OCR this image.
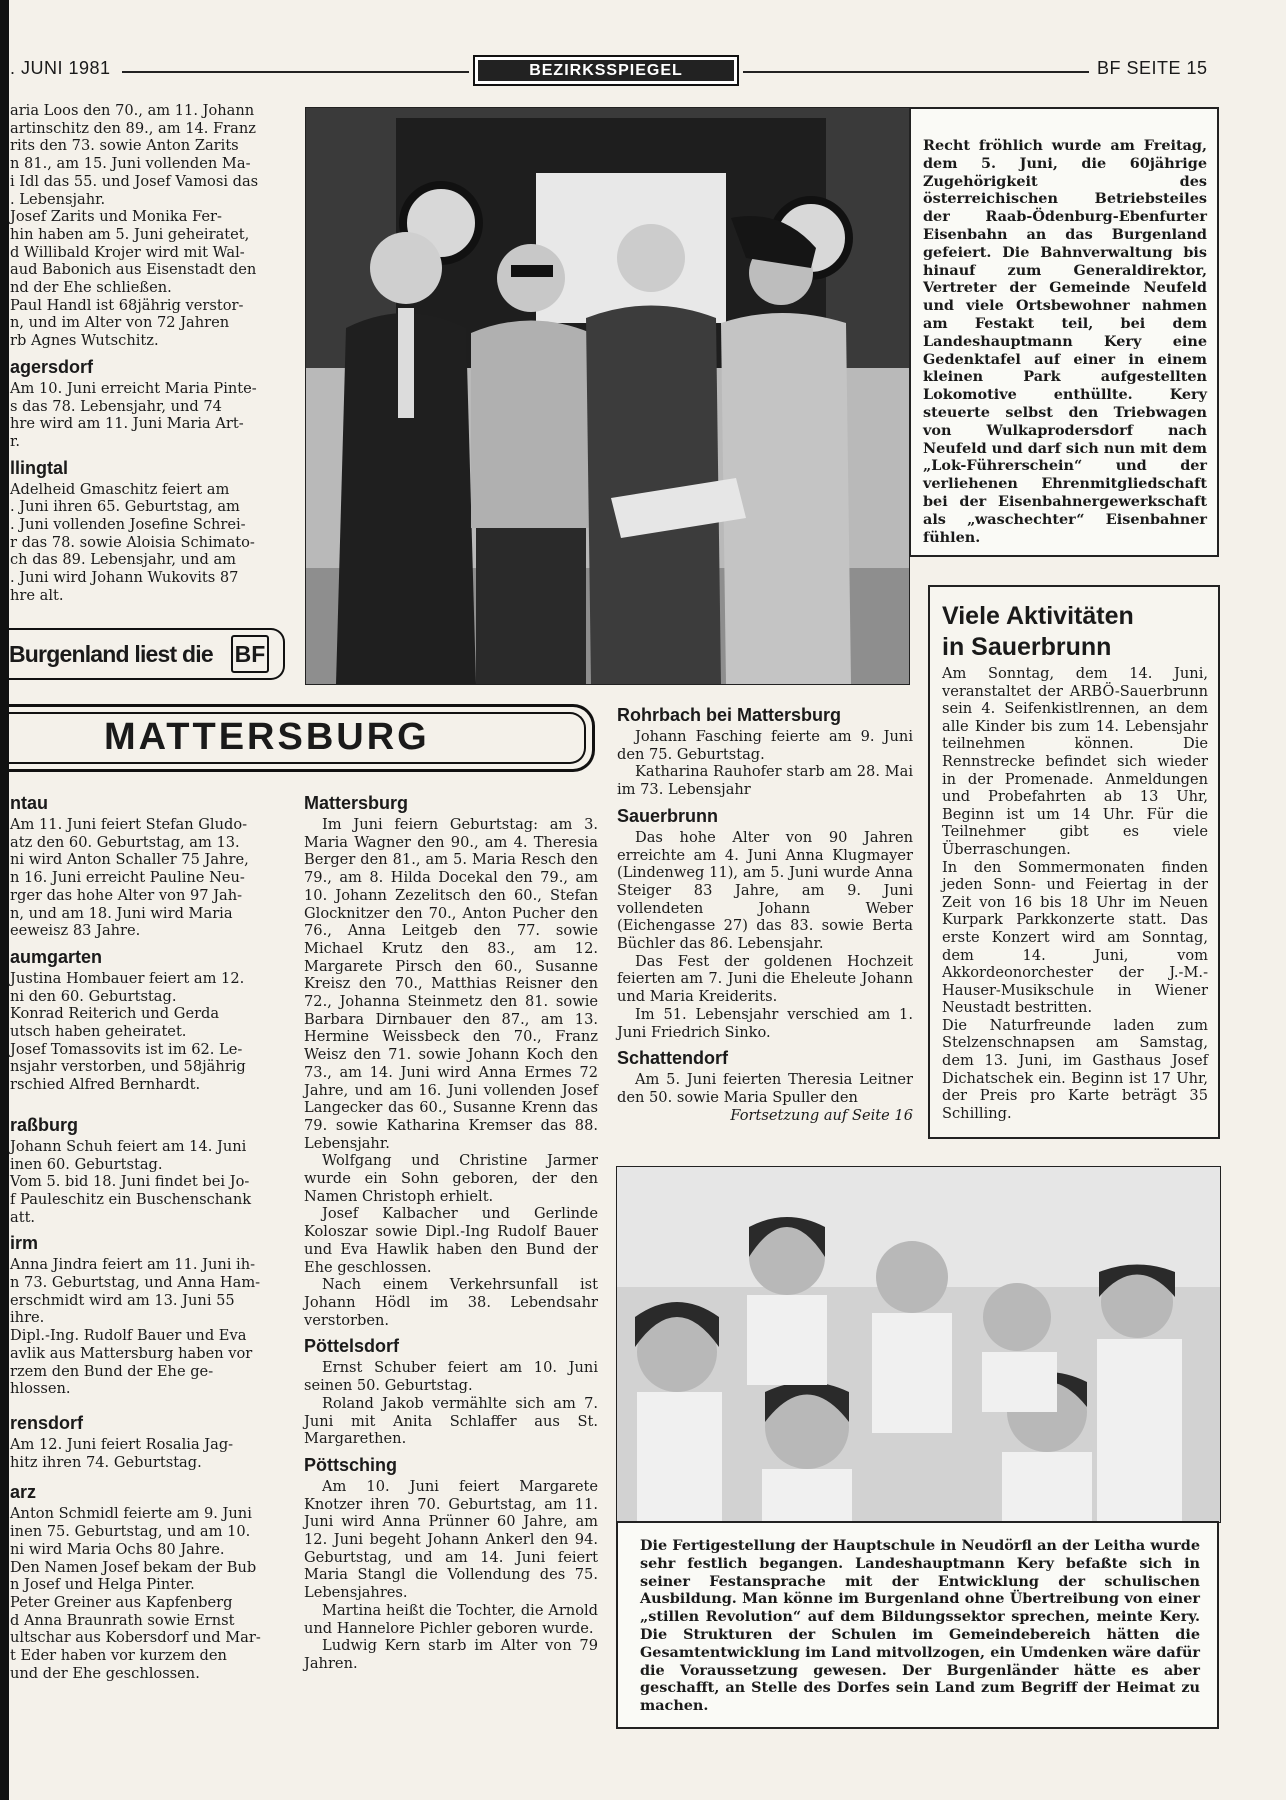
. JUNI 1981	BEZIRKSSPIEGEL	BF SEITE 15

aria Loos den 70., am 11. Johann

artinschitz den 89., am 14. Franz

rits den 73. sowie Anton Zarits

n 81., am 15. Juni vollenden Ma-

i Idl das 55. und Josef Vamosi das

. Lebensjahr.

Josef Zarits und Monika Fer-

hin haben am 5. Juni geheiratet,

d Willibald Krojer wird mit Wal-

aud Babonich aus Eisenstadt den

nd der Ehe schließen.

Paul Handl ist 68jährig verstor-

n, und im Alter von 72 Jahren

rb Agnes Wutschitz.

agersdorf

Am 10. Juni erreicht Maria Pinte-

s das 78. Lebensjahr, und 74

hre wird am 11. Juni Maria Art-

r.

llingtal

Adelheid Gmaschitz feiert am

. Juni ihren 65. Geburtstag, am

. Juni vollenden Josefine Schrei-

r das 78. sowie Aloisia Schimato-

ch das 89. Lebensjahr, und am

. Juni wird Johann Wukovits 87

hre alt.

Burgenland liest die BF

Recht fröhlich wurde am Freitag, dem 5. Juni, die 60jährige Zugehörigkeit des österreichischen Betriebsteiles der Raab-Ödenburg-Ebenfurter Eisenbahn an das Burgenland gefeiert. Die Bahnverwaltung bis hinauf zum Generaldirektor, Vertreter der Gemeinde Neufeld und viele Ortsbewohner nahmen am Festakt teil, bei dem Landeshauptmann Kery eine Gedenktafel auf einer in einem kleinen Park aufgestellten Lokomotive enthüllte. Kery steuerte selbst den Triebwagen von Wulkaprodersdorf nach Neufeld und darf sich nun mit dem „Lok-Führerschein“ und der verliehenen Ehrenmitgliedschaft bei der Eisenbahnergewerkschaft als „waschechter“ Eisenbahner fühlen.

MATTERSBURG
ntau

Am 11. Juni feiert Stefan Gludo-

atz den 60. Geburtstag, am 13.

ni wird Anton Schaller 75 Jahre,

n 16. Juni erreicht Pauline Neu-

rger das hohe Alter von 97 Jah-

n, und am 18. Juni wird Maria

eeweisz 83 Jahre.

aumgarten

Justina Hombauer feiert am 12.

ni den 60. Geburtstag.

Konrad Reiterich und Gerda

utsch haben geheiratet.

Josef Tomassovits ist im 62. Le-

nsjahr verstorben, und 58jährig

rschied Alfred Bernhardt.

raßburg

Johann Schuh feiert am 14. Juni

inen 60. Geburtstag.

Vom 5. bid 18. Juni findet bei Jo-

f Pauleschitz ein Buschenschank

att.

irm

Anna Jindra feiert am 11. Juni ih-

n 73. Geburtstag, und Anna Ham-

erschmidt wird am 13. Juni 55

ihre.

Dipl.-Ing. Rudolf Bauer und Eva

avlik aus Mattersburg haben vor

rzem den Bund der Ehe ge-

hlossen.

rensdorf

Am 12. Juni feiert Rosalia Jag-

hitz ihren 74. Geburtstag.

arz

Anton Schmidl feierte am 9. Juni

inen 75. Geburtstag, und am 10.

ni wird Maria Ochs 80 Jahre.

Den Namen Josef bekam der Bub

n Josef und Helga Pinter.

Peter Greiner aus Kapfenberg

d Anna Braunrath sowie Ernst

ultschar aus Kobersdorf und Mar-

t Eder haben vor kurzem den

und der Ehe geschlossen.

Mattersburg

Im Juni feiern Geburtstag: am 3. Maria Wagner den 90., am 4. Theresia Berger den 81., am 5. Maria Resch den 79., am 8. Hilda Docekal den 79., am 10. Johann Zezelitsch den 60., Stefan Glocknitzer den 70., Anton Pucher den 76., Anna Leitgeb den 77. sowie Michael Krutz den 83., am 12. Margarete Pirsch den 60., Susanne Kreisz den 70., Matthias Reisner den 72., Johanna Steinmetz den 81. sowie Barbara Dirnbauer den 87., am 13. Hermine Weissbeck den 70., Franz Weisz den 71. sowie Johann Koch den 73., am 14. Juni wird Anna Ermes 72 Jahre, und am 16. Juni vollenden Josef Langecker das 60., Susanne Krenn das 79. sowie Katharina Kremser das 88. Lebensjahr.

Wolfgang und Christine Jarmer wurde ein Sohn geboren, der den Namen Christoph erhielt.

Josef Kalbacher und Gerlinde Koloszar sowie Dipl.-Ing Rudolf Bauer und Eva Hawlik haben den Bund der Ehe geschlossen.

Nach einem Verkehrsunfall ist Johann Hödl im 38. Lebendsahr verstorben.

Pöttelsdorf

Ernst Schuber feiert am 10. Juni seinen 50. Geburtstag.

Roland Jakob vermählte sich am 7. Juni mit Anita Schlaffer aus St. Margarethen.

Pöttsching

Am 10. Juni feiert Margarete Knotzer ihren 70. Geburtstag, am 11. Juni wird Anna Prünner 60 Jahre, am 12. Juni begeht Johann Ankerl den 94. Geburtstag, und am 14. Juni feiert Maria Stangl die Vollendung des 75. Lebensjahres.

Martina heißt die Tochter, die Arnold und Hannelore Pichler geboren wurde.

Ludwig Kern starb im Alter von 79 Jahren.

Rohrbach bei Mattersburg

Johann Fasching feierte am 9. Juni den 75. Geburtstag.

Katharina Rauhofer starb am 28. Mai im 73. Lebensjahr

Sauerbrunn

Das hohe Alter von 90 Jahren erreichte am 4. Juni Anna Klugmayer (Lindenweg 11), am 5. Juni wurde Anna Steiger 83 Jahre, am 9. Juni vollendeten Johann Weber (Eichengasse 27) das 83. sowie Berta Büchler das 86. Lebensjahr.

Das Fest der goldenen Hochzeit feierten am 7. Juni die Eheleute Johann und Maria Kreiderits.

Im 51. Lebensjahr verschied am 1. Juni Friedrich Sinko.

Schattendorf

Am 5. Juni feierten Theresia Leitner den 50. sowie Maria Spuller den

Fortsetzung auf Seite 16

Viele Aktivitäten
in Sauerbrunn

Am Sonntag, dem 14. Juni, veranstaltet der ARBÖ-Sauerbrunn sein 4. Seifenkistlrennen, an dem alle Kinder bis zum 14. Lebensjahr teilnehmen können. Die Rennstrecke befindet sich wieder in der Promenade. Anmeldungen und Probefahrten ab 13 Uhr, Beginn ist um 14 Uhr. Für die Teilnehmer gibt es viele Überraschungen.

In den Sommermonaten finden jeden Sonn- und Feiertag in der Zeit von 16 bis 18 Uhr im Neuen Kurpark Parkkonzerte statt. Das erste Konzert wird am Sonntag, dem 14. Juni, vom Akkordeonorchester der J.-M.-Hauser-Musikschule in Wiener Neustadt bestritten.

Die Naturfreunde laden zum Stelzenschnapsen am Samstag, dem 13. Juni, im Gasthaus Josef Dichatschek ein. Beginn ist 17 Uhr, der Preis pro Karte beträgt 35 Schilling.

Die Fertigestellung der Hauptschule in Neudörfl an der Leitha wurde sehr festlich begangen. Landeshauptmann Kery befaßte sich in seiner Festansprache mit der Entwicklung der schulischen Ausbildung. Man könne im Burgenland ohne Übertreibung von einer „stillen Revolution“ auf dem Bildungssektor sprechen, meinte Kery. Die Strukturen der Schulen im Gemeindebereich hätten die Gesamtentwicklung im Land mitvollzogen, ein Umdenken wäre dafür die Voraussetzung gewesen. Der Burgenländer hätte es aber geschafft, an Stelle des Dorfes sein Land zum Begriff der Heimat zu machen.
